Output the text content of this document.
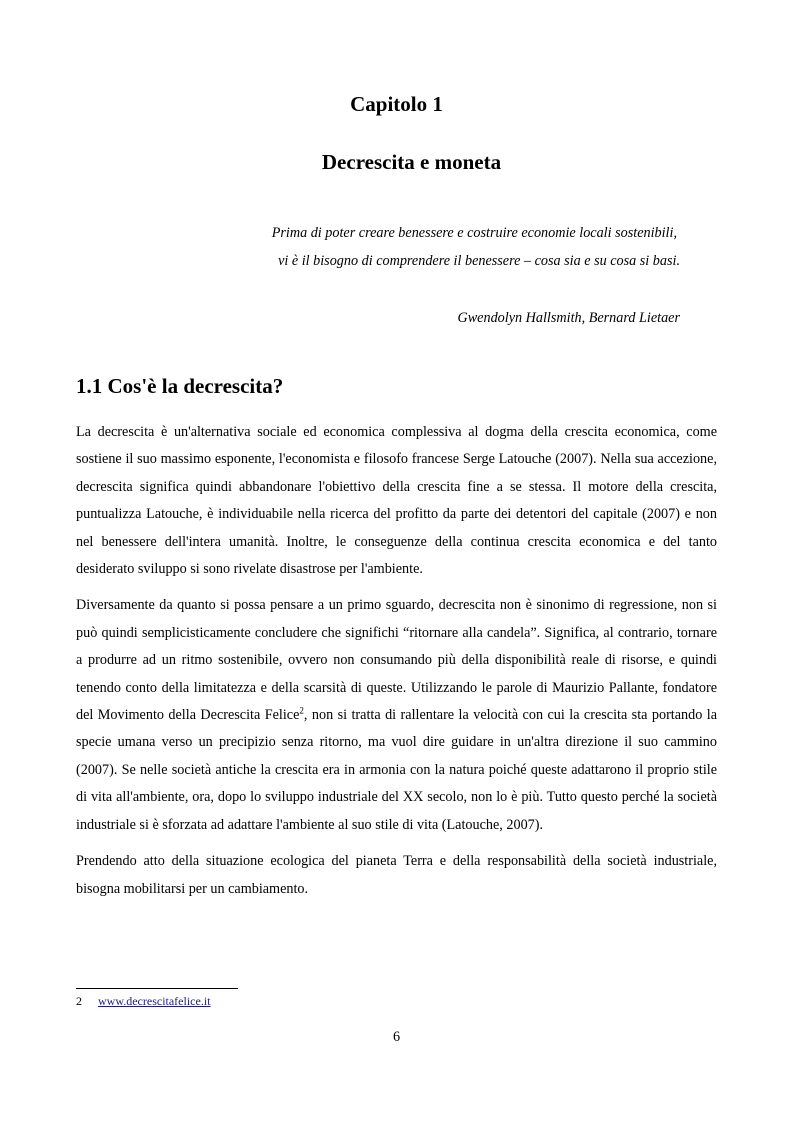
Capitolo 1
Decrescita e moneta
Prima di poter creare benessere e costruire economie locali sostenibili,
vi è il bisogno di comprendere il benessere – cosa sia e su cosa si basi.
Gwendolyn Hallsmith, Bernard Lietaer
1.1 Cos'è la decrescita?

La decrescita è un'alternativa sociale ed economica complessiva al dogma della crescita economica, come sostiene il suo massimo esponente, l'economista e filosofo francese Serge Latouche (2007). Nella sua accezione, decrescita significa quindi abbandonare l'obiettivo della crescita fine a se stessa. Il motore della crescita, puntualizza Latouche, è individuabile nella ricerca del profitto da parte dei detentori del capitale (2007) e non nel benessere dell'intera umanità. Inoltre, le conseguenze della continua crescita economica e del tanto desiderato sviluppo si sono rivelate disastrose per l'ambiente.

Diversamente da quanto si possa pensare a un primo sguardo, decrescita non è sinonimo di regressione, non si può quindi semplicisticamente concludere che significhi “ritornare alla candela”. Significa, al contrario, tornare a produrre ad un ritmo sostenibile, ovvero non consumando più della disponibilità reale di risorse, e quindi tenendo conto della limitatezza e della scarsità di queste. Utilizzando le parole di Maurizio Pallante, fondatore del Movimento della Decrescita Felice$^2$, non si tratta di rallentare la velocità con cui la crescita sta portando la specie umana verso un precipizio senza ritorno, ma vuol dire guidare in un'altra direzione il suo cammino (2007). Se nelle società antiche la crescita era in armonia con la natura poiché queste adattarono il proprio stile di vita all'ambiente, ora, dopo lo sviluppo industriale del XX secolo, non lo è più. Tutto questo perché la società industriale si è sforzata ad adattare l'ambiente al suo stile di vita (Latouche, 2007).

Prendendo atto della situazione ecologica del pianeta Terra e della responsabilità della società industriale, bisogna mobilitarsi per un cambiamento.

2 www.decrescitafelice.it
6
